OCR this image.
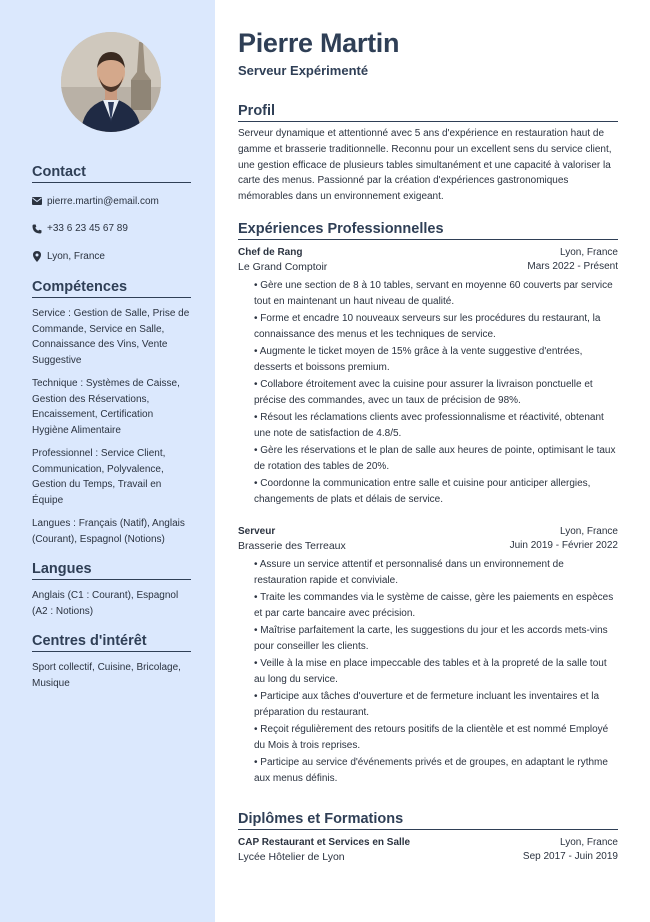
Contact
pierre.martin@email.com
+33 6 23 45 67 89
Lyon, France
Compétences

Service : Gestion de Salle, Prise de Commande, Service en Salle, Connaissance des Vins, Vente Suggestive

Technique : Systèmes de Caisse, Gestion des Réservations, Encaissement, Certification Hygiène Alimentaire

Professionnel : Service Client, Communication, Polyvalence, Gestion du Temps, Travail en Équipe

Langues : Français (Natif), Anglais (Courant), Espagnol (Notions)

Langues

Anglais (C1 : Courant), Espagnol (A2 : Notions)

Centres d'intérêt

Sport collectif, Cuisine, Bricolage, Musique

Pierre Martin
Serveur Expérimenté
Profil

Serveur dynamique et attentionné avec 5 ans d'expérience en restauration haut de gamme et brasserie traditionnelle. Reconnu pour un excellent sens du service client, une gestion efficace de plusieurs tables simultanément et une capacité à valoriser la carte des menus. Passionné par la création d'expériences gastronomiques mémorables dans un environnement exigeant.

Expériences Professionnelles
Chef de Rang	Lyon, France
Le Grand Comptoir	Mars 2022 - Présent
• Gère une section de 8 à 10 tables, servant en moyenne 60 couverts par service tout en maintenant un haut niveau de qualité.
• Forme et encadre 10 nouveaux serveurs sur les procédures du restaurant, la connaissance des menus et les techniques de service.
• Augmente le ticket moyen de 15% grâce à la vente suggestive d'entrées, desserts et boissons premium.
• Collabore étroitement avec la cuisine pour assurer la livraison ponctuelle et précise des commandes, avec un taux de précision de 98%.
• Résout les réclamations clients avec professionnalisme et réactivité, obtenant une note de satisfaction de 4.8/5.
• Gère les réservations et le plan de salle aux heures de pointe, optimisant le taux de rotation des tables de 20%.
• Coordonne la communication entre salle et cuisine pour anticiper allergies, changements de plats et délais de service.
Serveur	Lyon, France
Brasserie des Terreaux	Juin 2019 - Février 2022
• Assure un service attentif et personnalisé dans un environnement de restauration rapide et conviviale.
• Traite les commandes via le système de caisse, gère les paiements en espèces et par carte bancaire avec précision.
• Maîtrise parfaitement la carte, les suggestions du jour et les accords mets-vins pour conseiller les clients.
• Veille à la mise en place impeccable des tables et à la propreté de la salle tout au long du service.
• Participe aux tâches d'ouverture et de fermeture incluant les inventaires et la préparation du restaurant.
• Reçoit régulièrement des retours positifs de la clientèle et est nommé Employé du Mois à trois reprises.
• Participe au service d'événements privés et de groupes, en adaptant le rythme aux menus définis.
Diplômes et Formations
CAP Restaurant et Services en Salle	Lyon, France
Lycée Hôtelier de Lyon	Sep 2017 - Juin 2019
